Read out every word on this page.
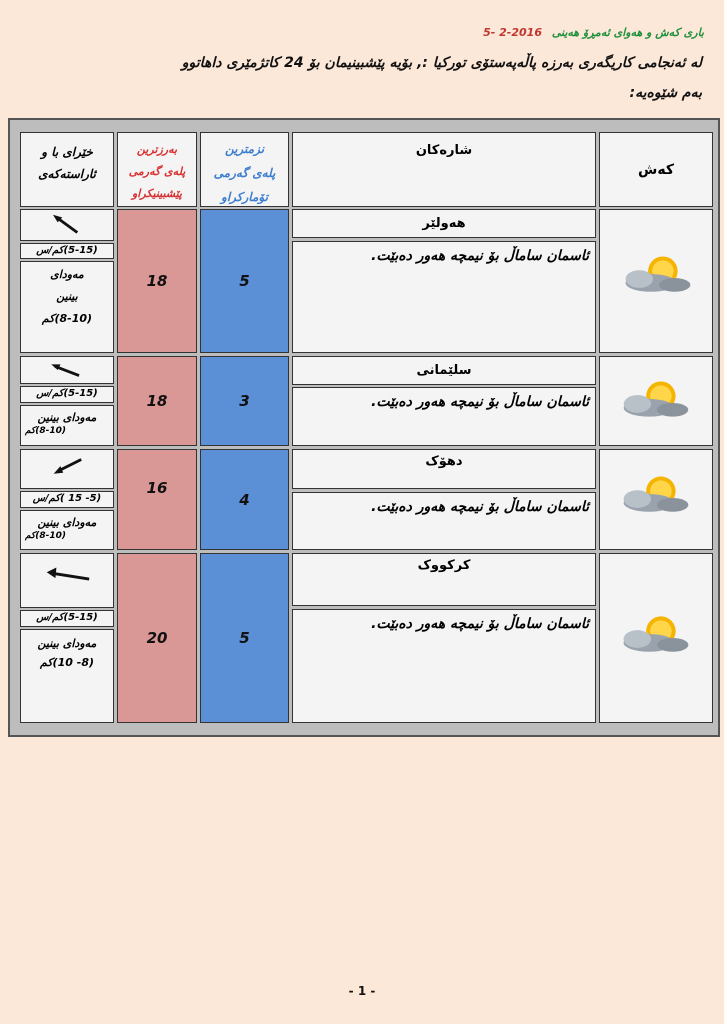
باری کەش و هەوای ئەمڕۆ هەینی 5- 2-2016
لە ئەنجامی کاریگەری بەرزە پاڵەپەستۆی تورکیا :, بۆیە پێشبینیمان بۆ 24 کاتژمێری داهاتوو
بەم شێوەیە:
کەش
شارەکان
نزمترین
پلەی گەرمی
تۆمارکراو
بەرزترین
پلەی گەرمی
پێشبینیکراو
خێرای با و
ئاراستەکەی
هەولێر
ئاسمان ساماڵ بۆ نیمچە هەور دەبێت.
5
18
(5-15)کم/س
مەودای
بینین
(8-10)کم
سلێمانی
ئاسمان ساماڵ بۆ نیمچە هەور دەبێت.
3
18
(5-15)کم/س
مەودای بینین
(8-10)کم
دهۆک
ئاسمان ساماڵ بۆ نیمچە هەور دەبێت.
4
16
(5- 15 )کم/س
مەودای بینین
(8-10)کم
کرکووک
ئاسمان ساماڵ بۆ نیمچە هەور دەبێت.
5
20
(5-15)کم/س
مەودای بینین
(8- 10)کم
- 1 -
